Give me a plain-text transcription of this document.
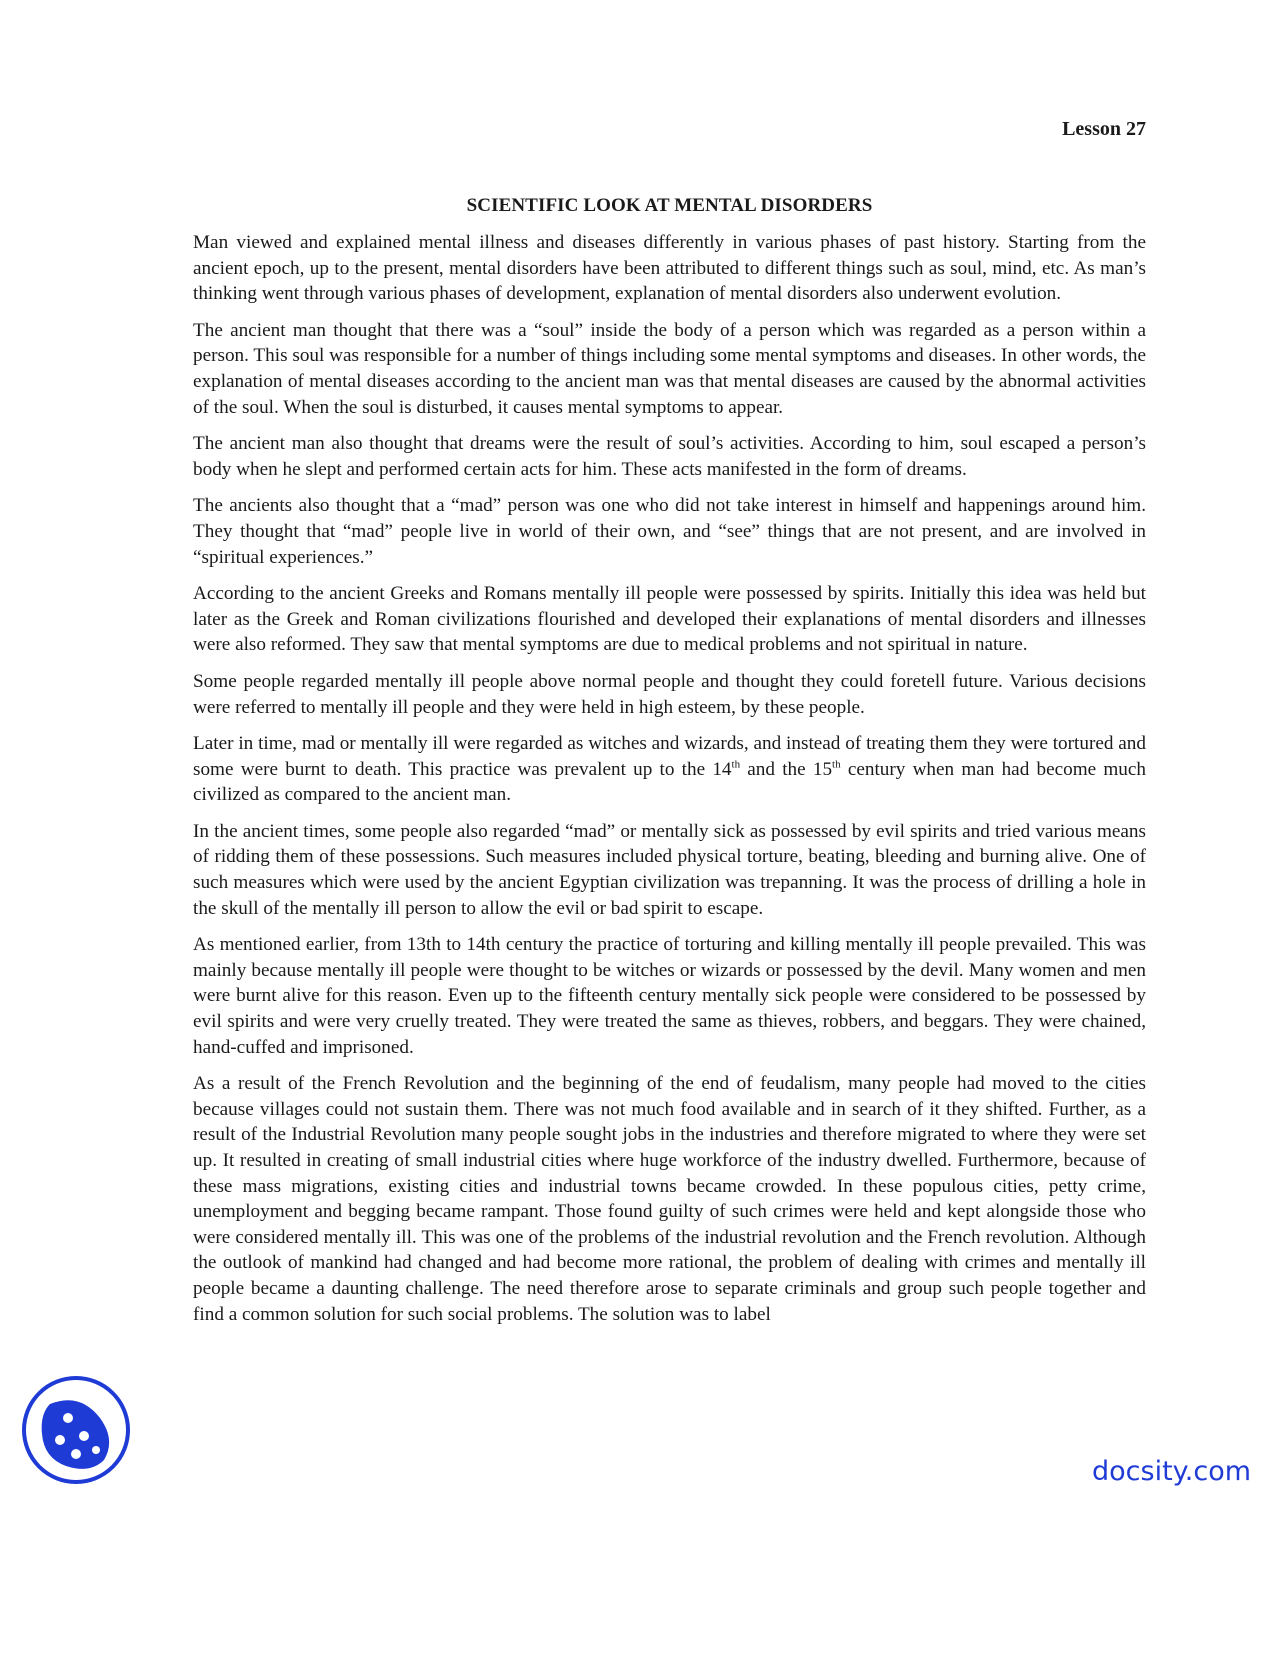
Lesson 27

SCIENTIFIC LOOK AT MENTAL DISORDERS

Man viewed and explained mental illness and diseases differently in various phases of past history. Starting from the ancient epoch, up to the present, mental disorders have been attributed to different things such as soul, mind, etc. As man’s thinking went through various phases of development, explanation of mental disorders also underwent evolution.

The ancient man thought that there was a “soul” inside the body of a person which was regarded as a person within a person. This soul was responsible for a number of things including some mental symptoms and diseases. In other words, the explanation of mental diseases according to the ancient man was that mental diseases are caused by the abnormal activities of the soul. When the soul is disturbed, it causes mental symptoms to appear.

The ancient man also thought that dreams were the result of soul’s activities. According to him, soul escaped a person’s body when he slept and performed certain acts for him. These acts manifested in the form of dreams.

The ancients also thought that a “mad” person was one who did not take interest in himself and happenings around him. They thought that “mad” people live in world of their own, and “see” things that are not present, and are involved in “spiritual experiences.”

According to the ancient Greeks and Romans mentally ill people were possessed by spirits. Initially this idea was held but later as the Greek and Roman civilizations flourished and developed their explanations of mental disorders and illnesses were also reformed. They saw that mental symptoms are due to medical problems and not spiritual in nature.

Some people regarded mentally ill people above normal people and thought they could foretell future. Various decisions were referred to mentally ill people and they were held in high esteem, by these people.

Later in time, mad or mentally ill were regarded as witches and wizards, and instead of treating them they were tortured and some were burnt to death. This practice was prevalent up to the 14th and the 15th century when man had become much civilized as compared to the ancient man.

In the ancient times, some people also regarded “mad” or mentally sick as possessed by evil spirits and tried various means of ridding them of these possessions. Such measures included physical torture, beating, bleeding and burning alive. One of such measures which were used by the ancient Egyptian civilization was trepanning. It was the process of drilling a hole in the skull of the mentally ill person to allow the evil or bad spirit to escape.

As mentioned earlier, from 13th to 14th century the practice of torturing and killing mentally ill people prevailed. This was mainly because mentally ill people were thought to be witches or wizards or possessed by the devil. Many women and men were burnt alive for this reason. Even up to the fifteenth century mentally sick people were considered to be possessed by evil spirits and were very cruelly treated. They were treated the same as thieves, robbers, and beggars. They were chained, hand-cuffed and imprisoned.

As a result of the French Revolution and the beginning of the end of feudalism, many people had moved to the cities because villages could not sustain them. There was not much food available and in search of it they shifted. Further, as a result of the Industrial Revolution many people sought jobs in the industries and therefore migrated to where they were set up. It resulted in creating of small industrial cities where huge workforce of the industry dwelled. Furthermore, because of these mass migrations, existing cities and industrial towns became crowded. In these populous cities, petty crime, unemployment and begging became rampant. Those found guilty of such crimes were held and kept alongside those who were considered mentally ill. This was one of the problems of the industrial revolution and the French revolution. Although the outlook of mankind had changed and had become more rational, the problem of dealing with crimes and mentally ill people became a daunting challenge. The need therefore arose to separate criminals and group such people together and find a common solution for such social problems. The solution was to label

docsity.com
